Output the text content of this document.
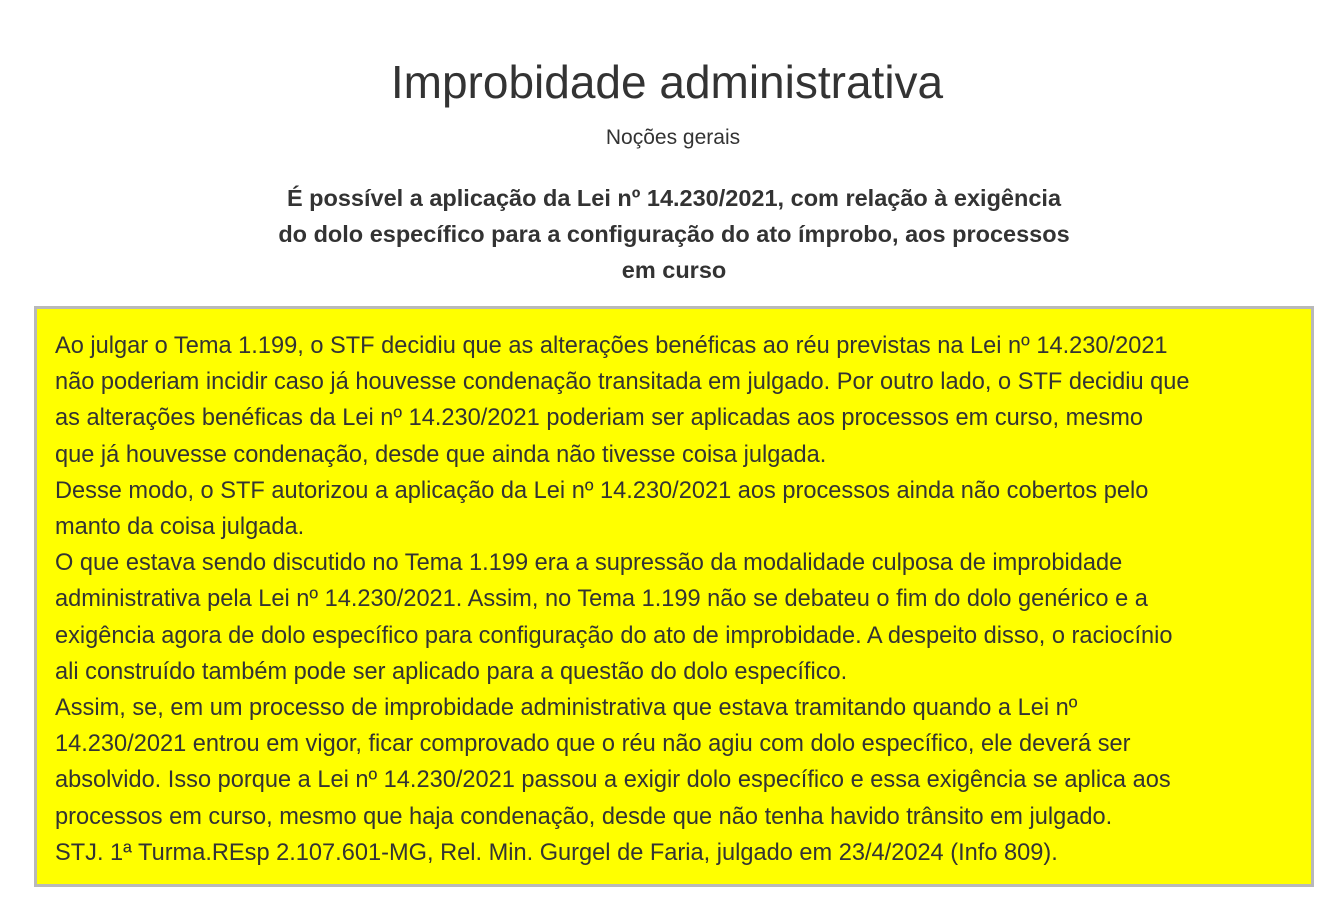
Improbidade administrativa
Noções gerais
É possível a aplicação da Lei nº 14.230/2021, com relação à exigência
do dolo específico para a configuração do ato ímprobo, aos processos
em curso

Ao julgar o Tema 1.199, o STF decidiu que as alterações benéficas ao réu previstas na Lei nº 14.230/2021

não poderiam incidir caso já houvesse condenação transitada em julgado. Por outro lado, o STF decidiu que

as alterações benéficas da Lei nº 14.230/2021 poderiam ser aplicadas aos processos em curso, mesmo

que já houvesse condenação, desde que ainda não tivesse coisa julgada.

Desse modo, o STF autorizou a aplicação da Lei nº 14.230/2021 aos processos ainda não cobertos pelo

manto da coisa julgada.

O que estava sendo discutido no Tema 1.199 era a supressão da modalidade culposa de improbidade

administrativa pela Lei nº 14.230/2021. Assim, no Tema 1.199 não se debateu o fim do dolo genérico e a

exigência agora de dolo específico para configuração do ato de improbidade. A despeito disso, o raciocínio

ali construído também pode ser aplicado para a questão do dolo específico.

Assim, se, em um processo de improbidade administrativa que estava tramitando quando a Lei nº

14.230/2021 entrou em vigor, ficar comprovado que o réu não agiu com dolo específico, ele deverá ser

absolvido. Isso porque a Lei nº 14.230/2021 passou a exigir dolo específico e essa exigência se aplica aos

processos em curso, mesmo que haja condenação, desde que não tenha havido trânsito em julgado.

STJ. 1ª Turma.REsp 2.107.601-MG, Rel. Min. Gurgel de Faria, julgado em 23/4/2024 (Info 809).
